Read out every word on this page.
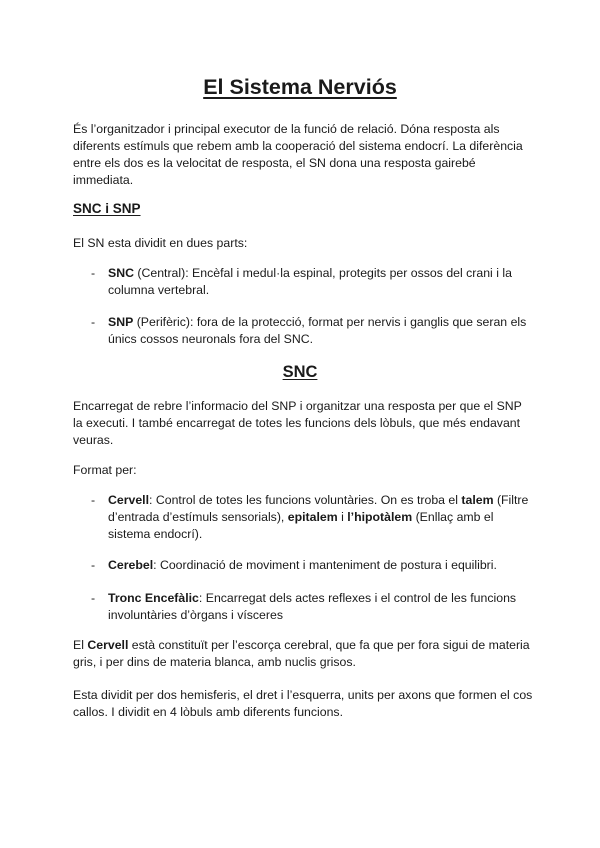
El Sistema Nerviós

És l’organitzador i principal executor de la funció de relació. Dóna resposta als diferents estímuls que rebem amb la cooperació del sistema endocrí. La diferència entre els dos es la velocitat de resposta, el SN dona una resposta gairebé immediata.

SNC i SNP

El SN esta dividit en dues parts:

- SNC (Central): Encèfal i medul·la espinal, protegits per ossos del crani i la columna vertebral.
- SNP (Perifèric): fora de la protecció, format per nervis i ganglis que seran els únics cossos neuronals fora del SNC.
SNC

Encarregat de rebre l’informacio del SNP i organitzar una resposta per que el SNP la executi. I també encarregat de totes les funcions dels lòbuls, que més endavant veuras.

Format per:

- Cervell: Control de totes les funcions voluntàries. On es troba el talem (Filtre d’entrada d’estímuls sensorials), epitalem i l’hipotàlem (Enllaç amb el sistema endocrí).
- Cerebel: Coordinació de moviment i manteniment de postura i equilibri.
- Tronc Encefàlic: Encarregat dels actes reflexes i el control de les funcions involuntàries d’òrgans i vísceres

El Cervell està constituït per l’escorça cerebral, que fa que per fora sigui de materia gris, i per dins de materia blanca, amb nuclis grisos.

Esta dividit per dos hemisferis, el dret i l’esquerra, units per axons que formen el cos callos. I dividit en 4 lòbuls amb diferents funcions.
